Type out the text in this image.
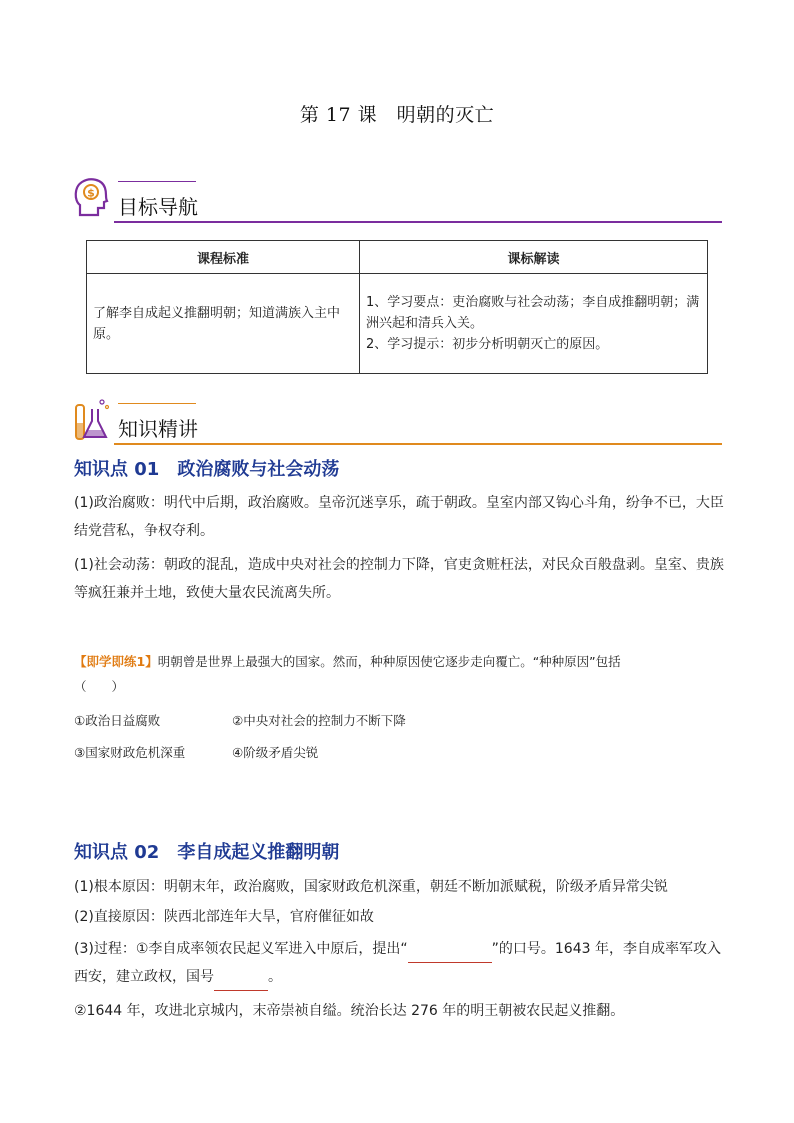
第 17 课　明朝的灭亡
$
目标导航
课程标准	课标解读
了解李自成起义推翻明朝；知道满族入主中原。	1、学习要点：吏治腐败与社会动荡；李自成推翻明朝；满洲兴起和清兵入关。
2、学习提示：初步分析明朝灭亡的原因。
知识精讲
知识点 01　政治腐败与社会动荡
(1)政治腐败：明代中后期，政治腐败。皇帝沉迷享乐，疏于朝政。皇室内部又钩心斗角，纷争不已，大臣结党营私，争权夺利。
(1)社会动荡：朝政的混乱，造成中央对社会的控制力下降，官吏贪赃枉法，对民众百般盘剥。皇室、贵族等疯狂兼并土地，致使大量农民流离失所。
【即学即练1】明朝曾是世界上最强大的国家。然而，种种原因使它逐步走向覆亡。“种种原因”包括
（　　）
①政治日益腐败	②中央对社会的控制力不断下降
③国家财政危机深重	④阶级矛盾尖锐
知识点 02　李自成起义推翻明朝
(1)根本原因：明朝末年，政治腐败，国家财政危机深重，朝廷不断加派赋税，阶级矛盾异常尖锐
(2)直接原因：陕西北部连年大旱，官府催征如故
(3)过程：①李自成率领农民起义军进入中原后，提出“	”的口号。1643 年，李自成率军攻入西安，建立政权，国号	。
②1644 年，攻进北京城内，末帝崇祯自缢。统治长达 276 年的明王朝被农民起义推翻。
